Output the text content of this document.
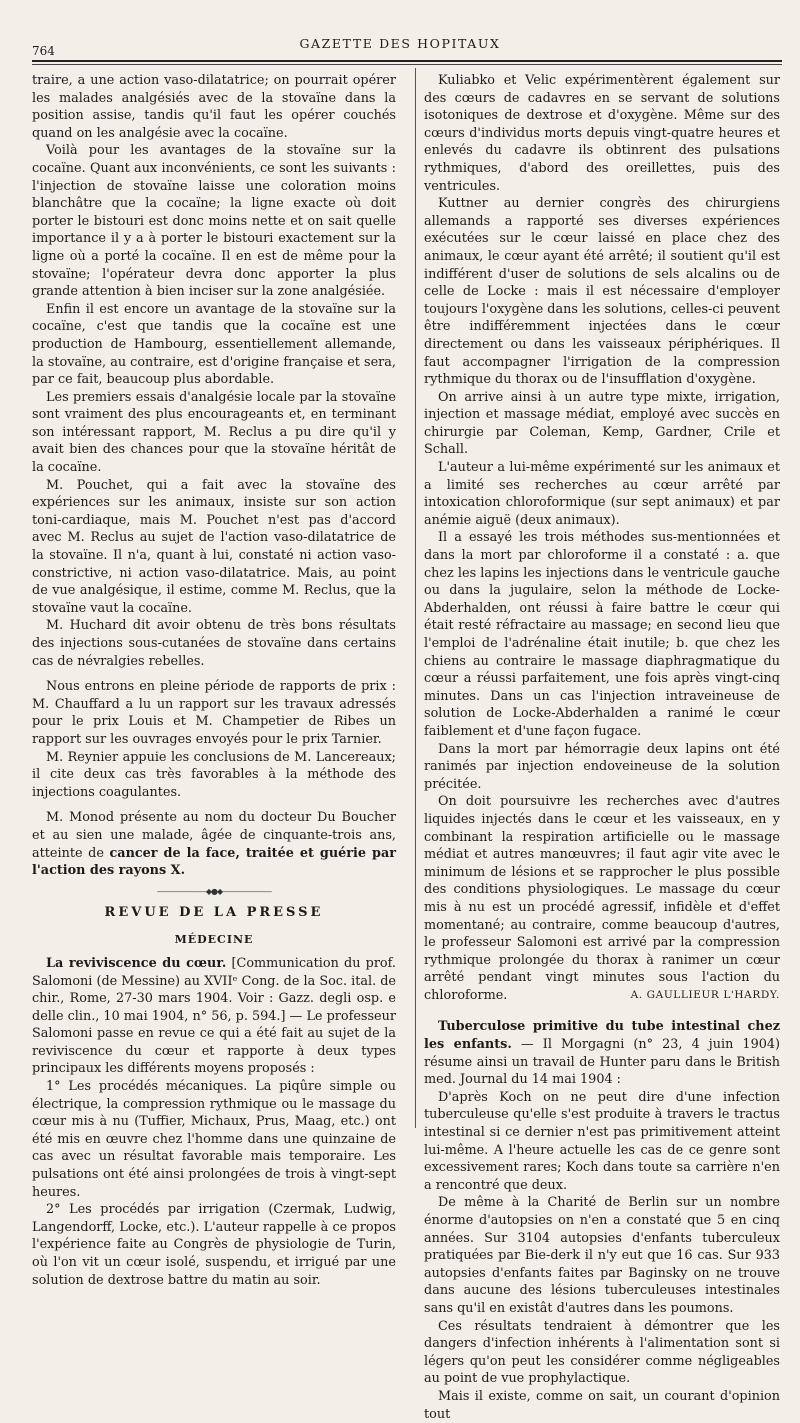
764	GAZETTE DES HOPITAUX

traire, a une action vaso-dilatatrice; on pourrait opérer les malades analgésiés avec de la stovaïne dans la position assise, tandis qu'il faut les opérer couchés quand on les analgésie avec la cocaïne.

Voilà pour les avantages de la stovaïne sur la cocaïne. Quant aux inconvénients, ce sont les suivants : l'injection de stovaïne laisse une coloration moins blanchâtre que la cocaïne; la ligne exacte où doit porter le bistouri est donc moins nette et on sait quelle importance il y a à porter le bistouri exactement sur la ligne où a porté la cocaïne. Il en est de même pour la stovaïne; l'opérateur devra donc apporter la plus grande attention à bien inciser sur la zone analgésiée.

Enfin il est encore un avantage de la stovaïne sur la cocaïne, c'est que tandis que la cocaïne est une production de Hambourg, essentiellement allemande, la stovaïne, au contraire, est d'origine française et sera, par ce fait, beaucoup plus abordable.

Les premiers essais d'analgésie locale par la stovaïne sont vraiment des plus encourageants et, en terminant son intéressant rapport, M. Reclus a pu dire qu'il y avait bien des chances pour que la stovaïne héritât de la cocaïne.

M. Pouchet, qui a fait avec la stovaïne des expériences sur les animaux, insiste sur son action toni-cardiaque, mais M. Pouchet n'est pas d'accord avec M. Reclus au sujet de l'action vaso-dilatatrice de la stovaïne. Il n'a, quant à lui, constaté ni action vaso-constrictive, ni action vaso-dilatatrice. Mais, au point de vue analgésique, il estime, comme M. Reclus, que la stovaïne vaut la cocaïne.

M. Huchard dit avoir obtenu de très bons résultats des injections sous-cutanées de stovaïne dans certains cas de névralgies rebelles.

Nous entrons en pleine période de rapports de prix : M. Chauffard a lu un rapport sur les travaux adressés pour le prix Louis et M. Champetier de Ribes un rapport sur les ouvrages envoyés pour le prix Tarnier.

M. Reynier appuie les conclusions de M. Lancereaux; il cite deux cas très favorables à la méthode des injections coagulantes.

M. Monod présente au nom du docteur Du Boucher et au sien une malade, âgée de cinquante-trois ans, atteinte de cancer de la face, traitée et guérie par l'action des rayons X.

———————◆●◆———————
REVUE DE LA PRESSE
MÉDECINE

La reviviscence du cœur. [Communication du prof. Salomoni (de Messine) au XVIIᵉ Cong. de la Soc. ital. de chir., Rome, 27-30 mars 1904. Voir : Gazz. degli osp. e delle clin., 10 mai 1904, n° 56, p. 594.] — Le professeur Salomoni passe en revue ce qui a été fait au sujet de la reviviscence du cœur et rapporte à deux types principaux les différents moyens proposés :

1° Les procédés mécaniques. La piqûre simple ou électrique, la compression rythmique ou le massage du cœur mis à nu (Tuffier, Michaux, Prus, Maag, etc.) ont été mis en œuvre chez l'homme dans une quinzaine de cas avec un résultat favorable mais temporaire. Les pulsations ont été ainsi prolongées de trois à vingt-sept heures.

2° Les procédés par irrigation (Czermak, Ludwig, Langendorff, Locke, etc.). L'auteur rappelle à ce propos l'expérience faite au Congrès de physiologie de Turin, où l'on vit un cœur isolé, suspendu, et irrigué par une solution de dextrose battre du matin au soir.

Kuliabko et Velic expérimentèrent également sur des cœurs de cadavres en se servant de solutions isotoniques de dextrose et d'oxygène. Même sur des cœurs d'individus morts depuis vingt-quatre heures et enlevés du cadavre ils obtinrent des pulsations rythmiques, d'abord des oreillettes, puis des ventricules.

Kuttner au dernier congrès des chirurgiens allemands a rapporté ses diverses expériences exécutées sur le cœur laissé en place chez des animaux, le cœur ayant été arrêté; il soutient qu'il est indifférent d'user de solutions de sels alcalins ou de celle de Locke : mais il est nécessaire d'employer toujours l'oxygène dans les solutions, celles-ci peuvent être indifféremment injectées dans le cœur directement ou dans les vaisseaux périphériques. Il faut accompagner l'irrigation de la compression rythmique du thorax ou de l'insufflation d'oxygène.

On arrive ainsi à un autre type mixte, irrigation, injection et massage médiat, employé avec succès en chirurgie par Coleman, Kemp, Gardner, Crile et Schall.

L'auteur a lui-même expérimenté sur les animaux et a limité ses recherches au cœur arrêté par intoxication chloroformique (sur sept animaux) et par anémie aiguë (deux animaux).

Il a essayé les trois méthodes sus-mentionnées et dans la mort par chloroforme il a constaté : a. que chez les lapins les injections dans le ventricule gauche ou dans la jugulaire, selon la méthode de Locke-Abderhalden, ont réussi à faire battre le cœur qui était resté réfractaire au massage; en second lieu que l'emploi de l'adrénaline était inutile; b. que chez les chiens au contraire le massage diaphragmatique du cœur a réussi parfaitement, une fois après vingt-cinq minutes. Dans un cas l'injection intraveineuse de solution de Locke-Abderhalden a ranimé le cœur faiblement et d'une façon fugace.

Dans la mort par hémorragie deux lapins ont été ranimés par injection endoveineuse de la solution précitée.

On doit poursuivre les recherches avec d'autres liquides injectés dans le cœur et les vaisseaux, en y combinant la respiration artificielle ou le massage médiat et autres manœuvres; il faut agir vite avec le minimum de lésions et se rapprocher le plus possible des conditions physiologiques. Le massage du cœur mis à nu est un procédé agressif, infidèle et d'effet momentané; au contraire, comme beaucoup d'autres, le professeur Salomoni est arrivé par la compression rythmique prolongée du thorax à ranimer un cœur arrêté pendant vingt minutes sous l'action du chloroforme.	A. GAULLIEUR L'HARDY.

Tuberculose primitive du tube intestinal chez les enfants. — Il Morgagni (n° 23, 4 juin 1904) résume ainsi un travail de Hunter paru dans le British med. Journal du 14 mai 1904 :

D'après Koch on ne peut dire d'une infection tuberculeuse qu'elle s'est produite à travers le tractus intestinal si ce dernier n'est pas primitivement atteint lui-même. A l'heure actuelle les cas de ce genre sont excessivement rares; Koch dans toute sa carrière n'en a rencontré que deux.

De même à la Charité de Berlin sur un nombre énorme d'autopsies on n'en a constaté que 5 en cinq années. Sur 3104 autopsies d'enfants tuberculeux pratiquées par Bie-derk il n'y eut que 16 cas. Sur 933 autopsies d'enfants faites par Baginsky on ne trouve dans aucune des lésions tuberculeuses intestinales sans qu'il en existât d'autres dans les poumons.

Ces résultats tendraient à démontrer que les dangers d'infection inhérents à l'alimentation sont si légers qu'on peut les considérer comme négligeables au point de vue prophylactique.

Mais il existe, comme on sait, un courant d'opinion tout
